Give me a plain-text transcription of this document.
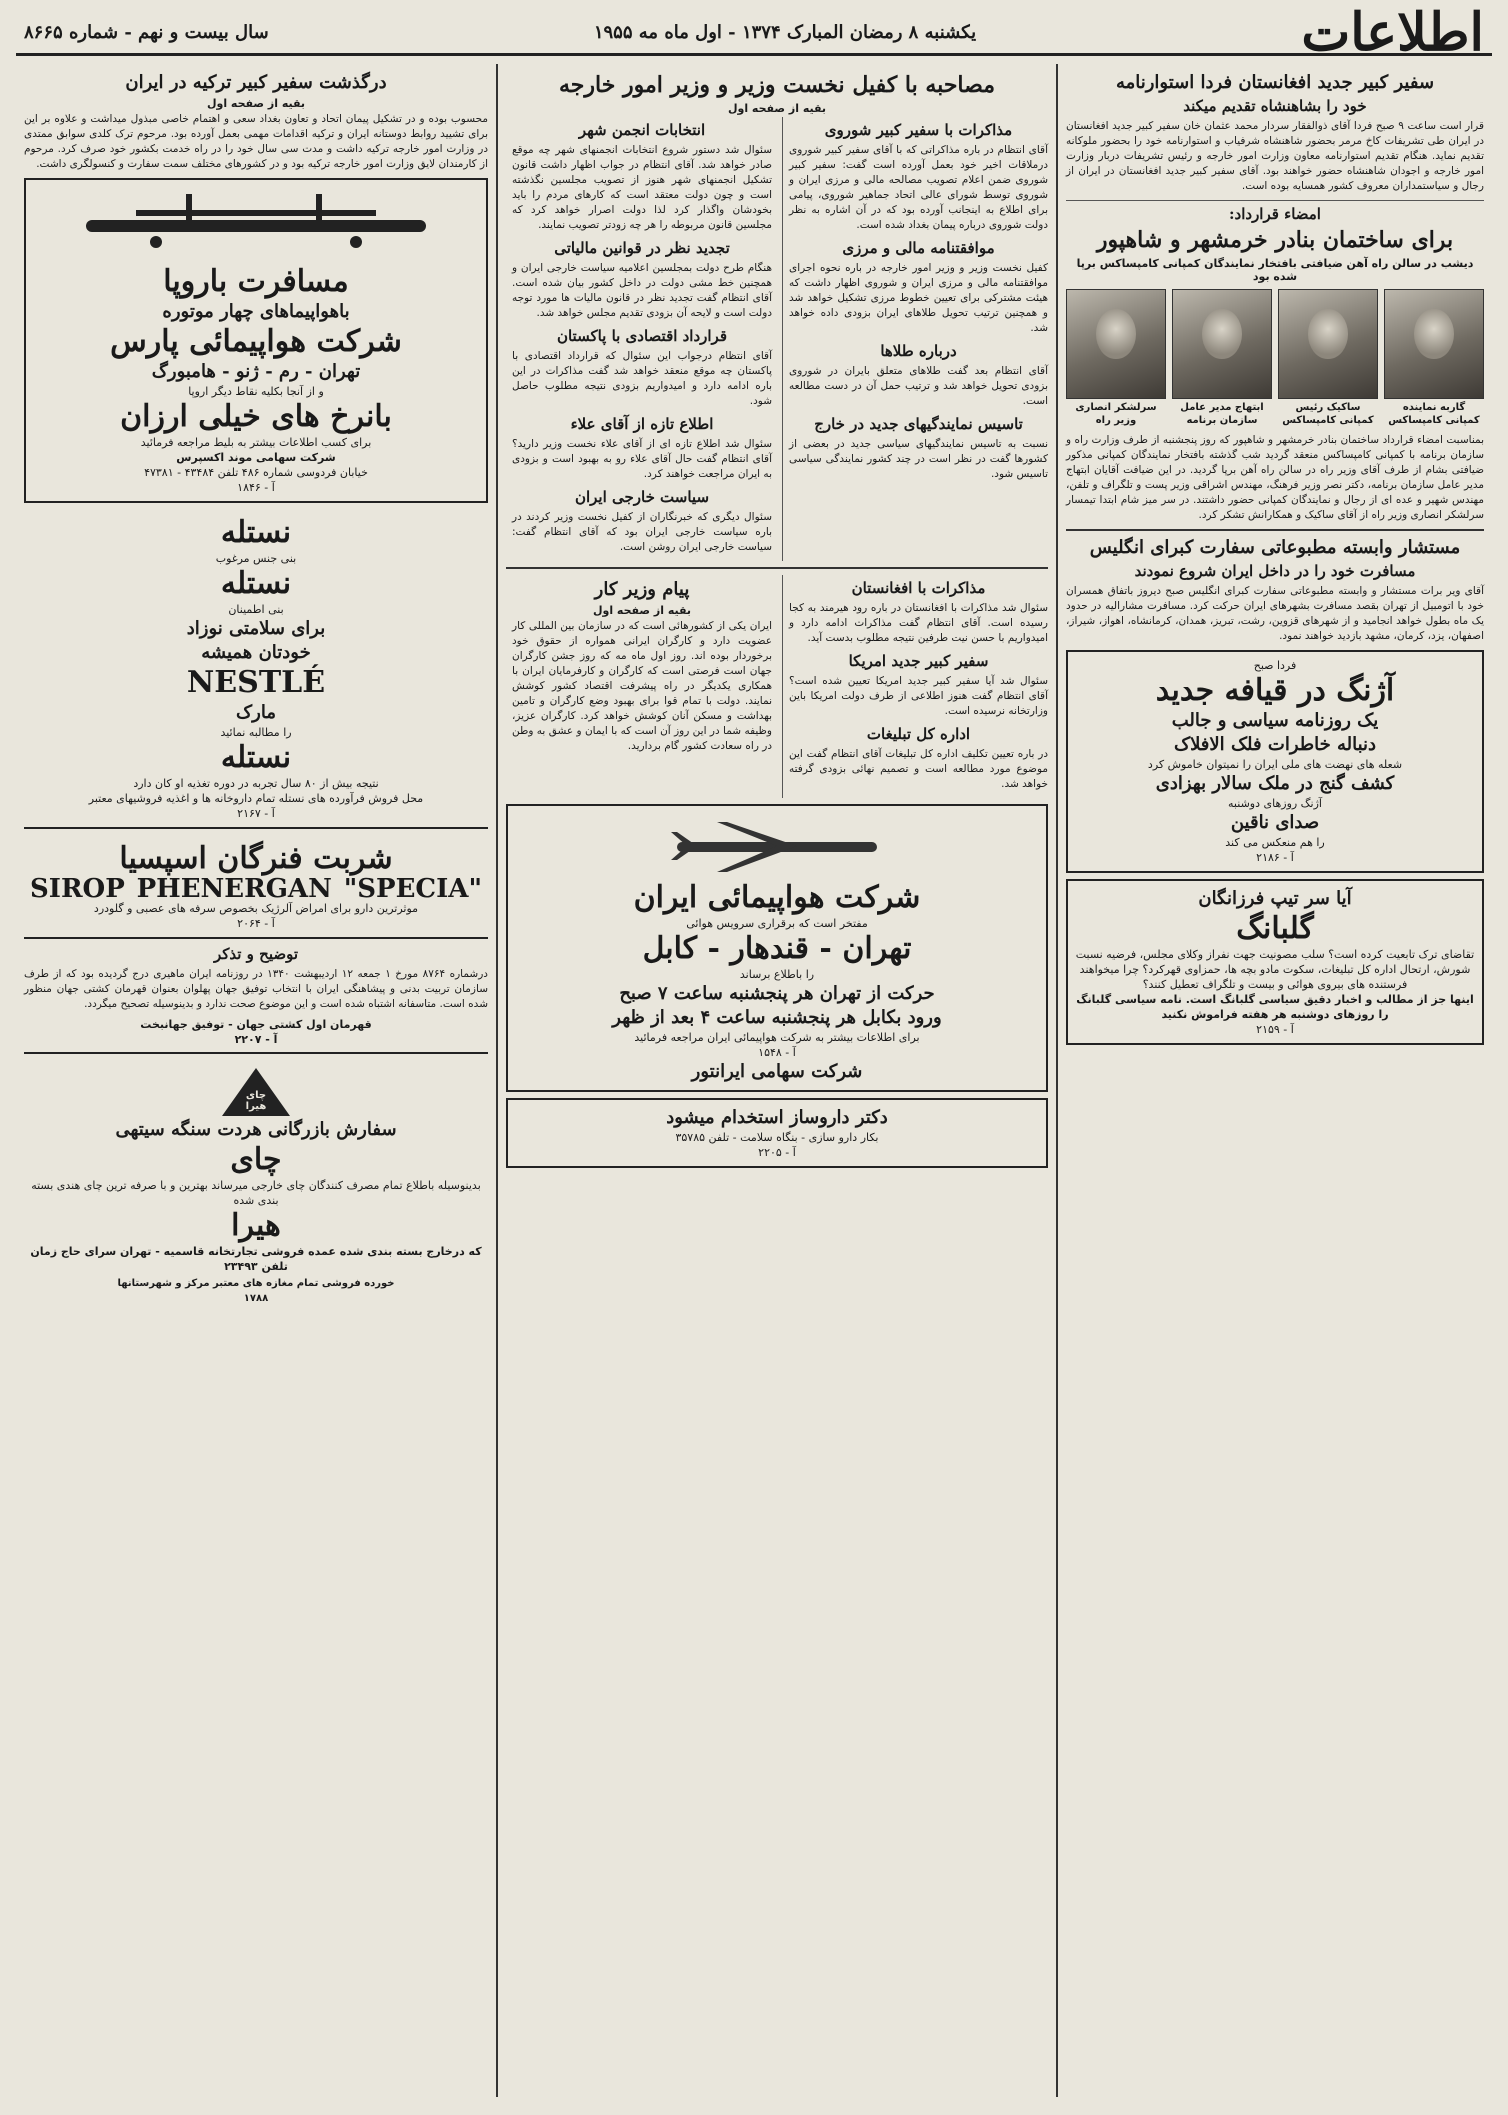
اطلاعات
یکشنبه ۸ رمضان المبارک ۱۳۷۴ - اول ماه مه ۱۹۵۵
سال بیست و نهم - شماره ۸۶۶۵
سفیر کبیر جدید افغانستان فردا استوارنامه
خود را بشاهنشاه تقدیم میکند
قرار است ساعت ۹ صبح فردا آقای ذوالفقار سردار محمد عثمان خان سفیر کبیر جدید افغانستان در ایران طی تشریفات کاخ مرمر بحضور شاهنشاه شرفیاب و استوارنامه خود را بحضور ملوکانه تقدیم نماید. هنگام تقدیم استوارنامه معاون وزارت امور خارجه و رئیس تشریفات دربار وزارت امور خارجه و اجودان شاهنشاه حضور خواهند بود. آقای سفیر کبیر جدید افغانستان در ایران از رجال و سیاستمداران معروف کشور همسایه بوده است.
امضاء قرارداد:
برای ساختمان بنادر خرمشهر و شاهپور
دیشب در سالن راه آهن ضیافتی بافتخار نمایندگان کمپانی کامپساکس برپا شده بود
گاربه نماینده کمپانی کامپساکس
ساکیک رئیس کمپانی کامپساکس
ابتهاج مدیر عامل سازمان برنامه
سرلشکر انصاری وزیر راه
بمناسبت امضاء قرارداد ساختمان بنادر خرمشهر و شاهپور که روز پنجشنبه از طرف وزارت راه و سازمان برنامه با کمپانی کامپساکس منعقد گردید شب گذشته بافتخار نمایندگان کمپانی مذکور ضیافتی بشام از طرف آقای وزیر راه در سالن راه آهن برپا گردید. در این ضیافت آقایان ابتهاج مدیر عامل سازمان برنامه، دکتر نصر وزیر فرهنگ، مهندس اشراقی وزیر پست و تلگراف و تلفن، مهندس شهیر و عده ای از رجال و نمایندگان کمپانی حضور داشتند. در سر میز شام ابتدا تیمسار سرلشکر انصاری وزیر راه از آقای ساکیک و همکارانش تشکر کرد.
مستشار وابسته مطبوعاتی سفارت کبرای انگلیس
مسافرت خود را در داخل ایران شروع نمودند
آقای ویر برات مستشار و وابسته مطبوعاتی سفارت کبرای انگلیس صبح دیروز باتفاق همسران خود با اتومبیل از تهران بقصد مسافرت بشهرهای ایران حرکت کرد. مسافرت مشارالیه در حدود یک ماه بطول خواهد انجامید و از شهرهای قزوین، رشت، تبریز، همدان، کرمانشاه، اهواز، شیراز، اصفهان، یزد، کرمان، مشهد بازدید خواهند نمود.
فردا صبح
آژنگ در قیافه جدید
یک روزنامه سیاسی و جالب
دنباله خاطرات فلک الافلاک
شعله های نهضت های ملی ایران را نمیتوان خاموش کرد
کشف گنج در ملک سالار بهزادی
آژنگ روزهای دوشنبه
صدای ناقین
را هم منعکس می کند
آ - ۲۱۸۶
آیا سر تیپ فرزانگان
گلبانگ
تقاضای ترک تابعیت کرده است؟ سلب مصونیت جهت نفراز وکلای مجلس، فرضیه نسبت شورش، ارتحال اداره کل تبلیغات، سکوت مادو بچه ها، حمزاوی قهرکرد؟ چرا میخواهند فرستنده های بیروی هوائی و بیست و تلگراف تعطیل کنند؟
اینها جز از مطالب و اخبار دقیق سیاسی گلبانگ است. نامه سیاسی گلبانگ را روزهای دوشنبه هر هفته فراموش نکنید
آ - ۲۱۵۹
مصاحبه با کفیل نخست وزیر و وزیر امور خارجه
بقیه از صفحه اول
مذاکرات با سفیر کبیر شوروی
آقای انتظام در باره مذاکراتی که با آقای سفیر کبیر شوروی درملاقات اخیر خود بعمل آورده است گفت: سفیر کبیر شوروی ضمن اعلام تصویب مصالحه مالی و مرزی ایران و شوروی توسط شورای عالی اتحاد جماهیر شوروی، پیامی برای اطلاع به اینجانب آورده بود که در آن اشاره به نظر دولت شوروی درباره پیمان بغداد شده است.
موافقتنامه مالی و مرزی
کفیل نخست وزیر و وزیر امور خارجه در باره نحوه اجرای موافقتنامه مالی و مرزی ایران و شوروی اظهار داشت که هیئت مشترکی برای تعیین خطوط مرزی تشکیل خواهد شد و همچنین ترتیب تحویل طلاهای ایران بزودی داده خواهد شد.
درباره طلاها
آقای انتظام بعد گفت طلاهای متعلق بایران در شوروی بزودی تحویل خواهد شد و ترتیب حمل آن در دست مطالعه است.
تاسیس نمایندگیهای جدید در خارج
نسبت به تاسیس نمایندگیهای سیاسی جدید در بعضی از کشورها گفت در نظر است در چند کشور نمایندگی سیاسی تاسیس شود.
انتخابات انجمن شهر
سئوال شد دستور شروع انتخابات انجمنهای شهر چه موقع صادر خواهد شد. آقای انتظام در جواب اظهار داشت قانون تشکیل انجمنهای شهر هنوز از تصویب مجلسین نگذشته است و چون دولت معتقد است که کارهای مردم را باید بخودشان واگذار کرد لذا دولت اصرار خواهد کرد که مجلسین قانون مربوطه را هر چه زودتر تصویب نمایند.
تجدید نظر در قوانین مالیاتی
هنگام طرح دولت بمجلسین اعلامیه سیاست خارجی ایران و همچنین خط مشی دولت در داخل کشور بیان شده است. آقای انتظام گفت تجدید نظر در قانون مالیات ها مورد توجه دولت است و لایحه آن بزودی تقدیم مجلس خواهد شد.
قرارداد اقتصادی با پاکستان
آقای انتظام درجواب این سئوال که قرارداد اقتصادی با پاکستان چه موقع منعقد خواهد شد گفت مذاکرات در این باره ادامه دارد و امیدواریم بزودی نتیجه مطلوب حاصل شود.
اطلاع تازه از آقای علاء
سئوال شد اطلاع تازه ای از آقای علاء نخست وزیر دارید؟ آقای انتظام گفت حال آقای علاء رو به بهبود است و بزودی به ایران مراجعت خواهند کرد.
سیاست خارجی ایران
سئوال دیگری که خبرنگاران از کفیل نخست وزیر کردند در باره سیاست خارجی ایران بود که آقای انتظام گفت: سیاست خارجی ایران روشن است.
مذاکرات با افغانستان
سئوال شد مذاکرات با افغانستان در باره رود هیرمند به کجا رسیده است. آقای انتظام گفت مذاکرات ادامه دارد و امیدواریم با حسن نیت طرفین نتیجه مطلوب بدست آید.
سفیر کبیر جدید امریکا
سئوال شد آیا سفیر کبیر جدید امریکا تعیین شده است؟ آقای انتظام گفت هنوز اطلاعی از طرف دولت امریکا باین وزارتخانه نرسیده است.
اداره کل تبلیغات
در باره تعیین تکلیف اداره کل تبلیغات آقای انتظام گفت این موضوع مورد مطالعه است و تصمیم نهائی بزودی گرفته خواهد شد.
پیام وزیر کار
بقیه از صفحه اول
ایران یکی از کشورهائی است که در سازمان بین المللی کار عضویت دارد و کارگران ایرانی همواره از حقوق خود برخوردار بوده اند. روز اول ماه مه که روز جشن کارگران جهان است فرصتی است که کارگران و کارفرمایان ایران با همکاری یکدیگر در راه پیشرفت اقتصاد کشور کوشش نمایند. دولت با تمام قوا برای بهبود وضع کارگران و تامین بهداشت و مسکن آنان کوشش خواهد کرد. کارگران عزیز، وظیفه شما در این روز آن است که با ایمان و عشق به وطن در راه سعادت کشور گام بردارید.
شرکت هواپیمائی ایران
مفتخر است که برقراری سرویس هوائی
تهران - قندهار - کابل
را باطلاع برساند
حرکت از تهران هر پنجشنبه ساعت ۷ صبح
ورود بکابل هر پنجشنبه ساعت ۴ بعد از ظهر
برای اطلاعات بیشتر به شرکت هواپیمائی ایران مراجعه فرمائید
آ - ۱۵۴۸
شرکت سهامی ایرانتور
دکتر داروساز استخدام میشود
بکار دارو سازی - بنگاه سلامت - تلفن ۳۵۷۸۵
آ - ۲۲۰۵
درگذشت سفیر کبیر ترکیه در ایران
بقیه از صفحه اول
محسوب بوده و در تشکیل پیمان اتحاد و تعاون بغداد سعی و اهتمام خاصی مبذول میداشت و علاوه بر این برای تشیید روابط دوستانه ایران و ترکیه اقدامات مهمی بعمل آورده بود. مرحوم ترک کلدی سوابق ممتدی در وزارت امور خارجه ترکیه داشت و مدت سی سال خود را در راه خدمت بکشور خود صرف کرد. مرحوم از کارمندان لایق وزارت امور خارجه ترکیه بود و در کشورهای مختلف سمت سفارت و کنسولگری داشت.
مسافرت باروپا
باهواپیماهای چهار موتوره
شرکت هواپیمائی پارس
تهران - رم - ژنو - هامبورگ
و از آنجا بکلیه نقاط دیگر اروپا
بانرخ های خیلی ارزان
برای کسب اطلاعات بیشتر به بلیط مراجعه فرمائید
شرکت سهامی موند اکسپرس
خیابان فردوسی شماره ۴۸۶ تلفن ۴۳۴۸۴ - ۴۷۳۸۱
آ - ۱۸۴۶
نستله
بنی جنس مرغوب
نستله
بنی اطمینان
برای سلامتی نوزاد
خودتان همیشه
NESTLÉ
مارک
را مطالبه نمائید
نستله
نتیجه بیش از ۸۰ سال تجربه در دوره تغذیه او کان دارد
محل فروش فرآورده های نستله تمام داروخانه ها و اغذیه فروشیهای معتبر
آ - ۲۱۶۷
شربت فنرگان اسپسیا
SIROP PHENERGAN "SPECIA"
موثرترین دارو برای امراض آلرژیک بخصوص سرفه های عصبی و گلودرد
آ - ۲۰۶۴
توضیح و تذکر
درشماره ۸۷۶۴ مورخ ۱ جمعه ۱۲ اردیبهشت ۱۳۴۰ در روزنامه ایران ماهیری درج گردیده بود که از طرف سازمان تربیت بدنی و پیشاهنگی ایران با انتخاب توفیق جهان پهلوان بعنوان قهرمان کشتی جهان منظور شده است. متاسفانه اشتباه شده است و این موضوع صحت ندارد و بدینوسیله تصحیح میگردد.
قهرمان اول کشتی جهان - توفیق جهانبخت
آ - ۲۲۰۷
چای هیرا
سفارش بازرگانی هردت سنگه سیتهی
چای
بدینوسیله باطلاع تمام مصرف کنندگان چای خارجی میرساند بهترین و با صرفه ترین چای هندی بسته بندی شده
هیرا
که درخارج بسته بندی شده عمده فروشی تجارتخانه قاسمیه - تهران سرای حاج زمان تلفن ۲۳۴۹۳
خورده فروشی تمام مغازه های معتبر مرکز و شهرستانها
۱۷۸۸
